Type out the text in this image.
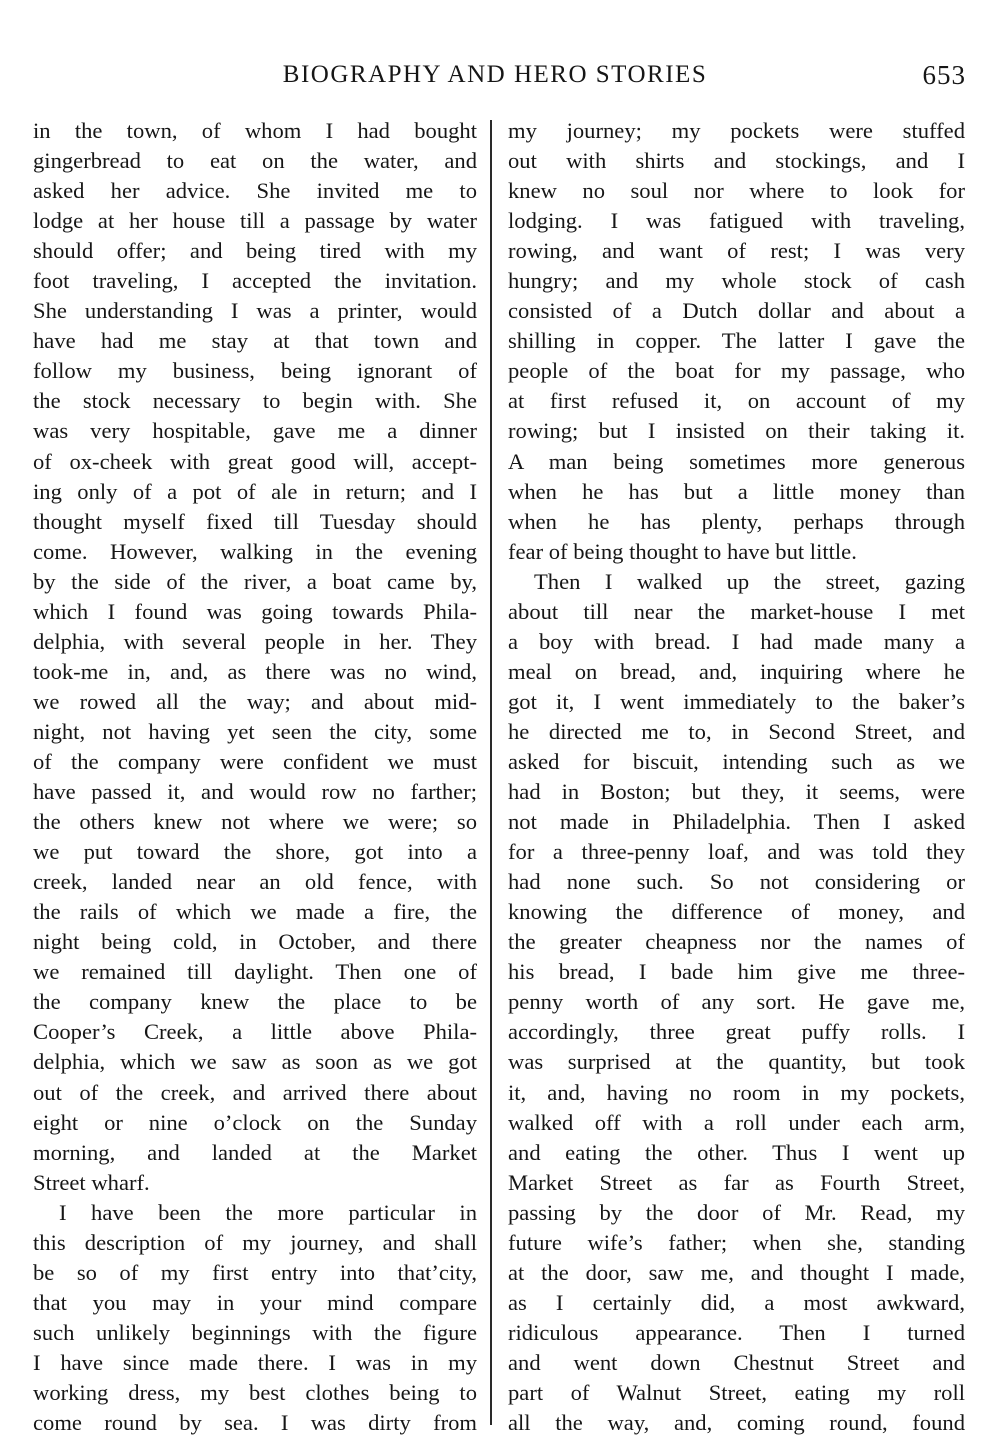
BIOGRAPHY AND HERO STORIES	653
in the town, of whom I had bought
gingerbread to eat on the water, and
asked her advice. She invited me to
lodge at her house till a passage by water
should offer; and being tired with my
foot traveling, I accepted the invitation.
She understanding I was a printer, would
have had me stay at that town and
follow my business, being ignorant of
the stock necessary to begin with. She
was very hospitable, gave me a dinner
of ox-cheek with great good will, accept-
ing only of a pot of ale in return; and I
thought myself fixed till Tuesday should
come. However, walking in the evening
by the side of the river, a boat came by,
which I found was going towards Phila-
delphia, with several people in her. They
took-me in, and, as there was no wind,
we rowed all the way; and about mid-
night, not having yet seen the city, some
of the company were confident we must
have passed it, and would row no farther;
the others knew not where we were; so
we put toward the shore, got into a
creek, landed near an old fence, with
the rails of which we made a fire, the
night being cold, in October, and there
we remained till daylight. Then one of
the company knew the place to be
Cooper’s Creek, a little above Phila-
delphia, which we saw as soon as we got
out of the creek, and arrived there about
eight or nine o’clock on the Sunday
morning, and landed at the Market
Street wharf.
I have been the more particular in
this description of my journey, and shall
be so of my first entry into that’city,
that you may in your mind compare
such unlikely beginnings with the figure
I have since made there. I was in my
working dress, my best clothes being to
come round by sea. I was dirty from
my journey; my pockets were stuffed
out with shirts and stockings, and I
knew no soul nor where to look for
lodging. I was fatigued with traveling,
rowing, and want of rest; I was very
hungry; and my whole stock of cash
consisted of a Dutch dollar and about a
shilling in copper. The latter I gave the
people of the boat for my passage, who
at first refused it, on account of my
rowing; but I insisted on their taking it.
A man being sometimes more generous
when he has but a little money than
when he has plenty, perhaps through
fear of being thought to have but little.
Then I walked up the street, gazing
about till near the market-house I met
a boy with bread. I had made many a
meal on bread, and, inquiring where he
got it, I went immediately to the baker’s
he directed me to, in Second Street, and
asked for biscuit, intending such as we
had in Boston; but they, it seems, were
not made in Philadelphia. Then I asked
for a three-penny loaf, and was told they
had none such. So not considering or
knowing the difference of money, and
the greater cheapness nor the names of
his bread, I bade him give me three-
penny worth of any sort. He gave me,
accordingly, three great puffy rolls. I
was surprised at the quantity, but took
it, and, having no room in my pockets,
walked off with a roll under each arm,
and eating the other. Thus I went up
Market Street as far as Fourth Street,
passing by the door of Mr. Read, my
future wife’s father; when she, standing
at the door, saw me, and thought I made,
as I certainly did, a most awkward,
ridiculous appearance. Then I turned
and went down Chestnut Street and
part of Walnut Street, eating my roll
all the way, and, coming round, found
